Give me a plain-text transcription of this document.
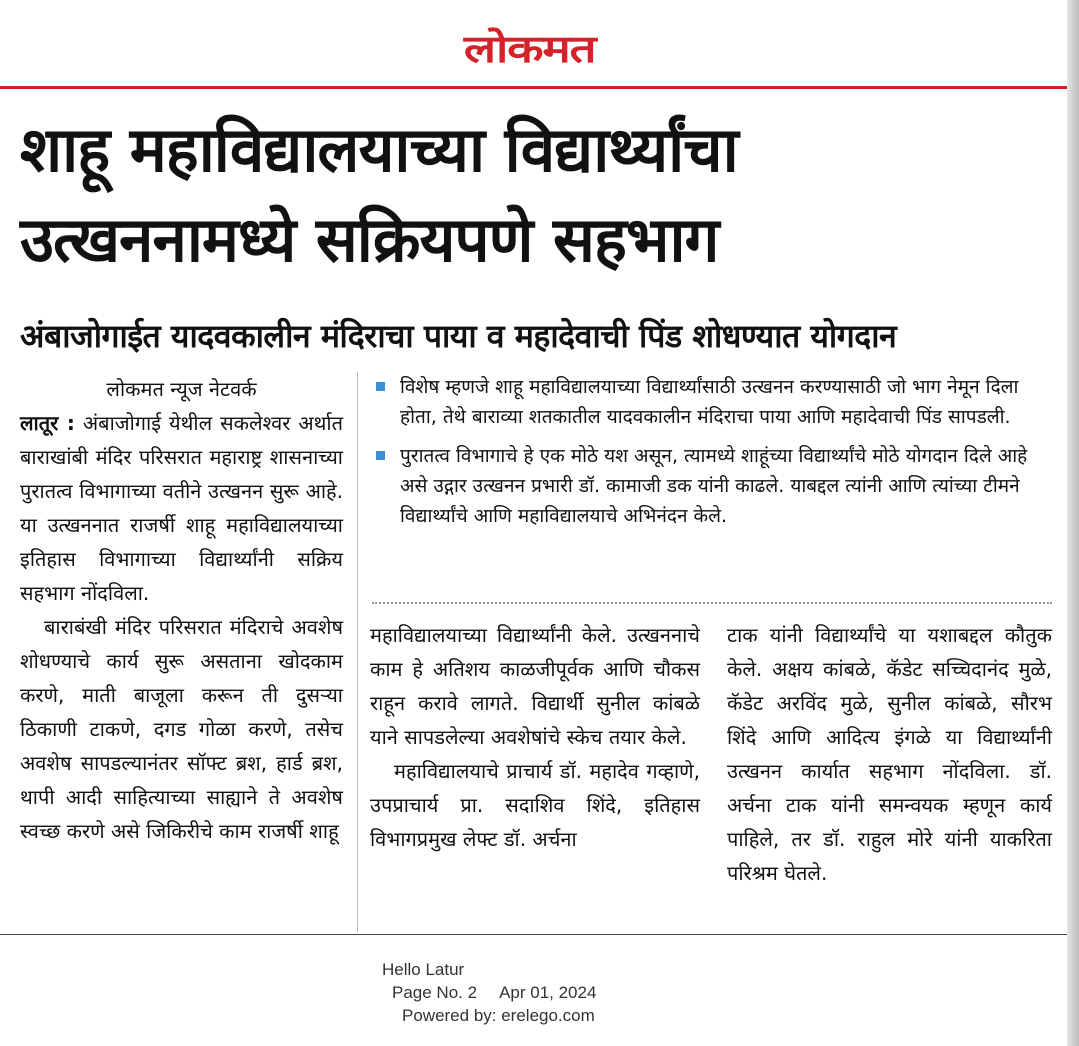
लोकमत
शाहू महाविद्यालयाच्या विद्यार्थ्यांचा
उत्खननामध्ये सक्रियपणे सहभाग
अंबाजोगाईत यादवकालीन मंदिराचा पाया व महादेवाची पिंड शोधण्यात योगदान
लोकमत न्यूज नेटवर्क

लातूर : अंबाजोगाई येथील सकलेश्वर अर्थात बाराखांबी मंदिर परिसरात महाराष्ट्र शासनाच्या पुरातत्व विभागाच्या वतीने उत्खनन सुरू आहे. या उत्खननात राजर्षी शाहू महाविद्यालयाच्या इतिहास विभागाच्या विद्यार्थ्यांनी सक्रिय सहभाग नोंदविला.

बाराबंखी मंदिर परिसरात मंदिराचे अवशेष शोधण्याचे कार्य सुरू असताना खोदकाम करणे, माती बाजूला करून ती दुसऱ्या ठिकाणी टाकणे, दगड गोळा करणे, तसेच अवशेष सापडल्यानंतर सॉफ्ट ब्रश, हार्ड ब्रश, थापी आदी साहित्याच्या साह्याने ते अवशेष स्वच्छ करणे असे जिकिरीचे काम राजर्षी शाहू

विशेष म्हणजे शाहू महाविद्यालयाच्या विद्यार्थ्यांसाठी उत्खनन करण्यासाठी जो भाग नेमून दिला होता, तेथे बाराव्या शतकातील यादवकालीन मंदिराचा पाया आणि महादेवाची पिंड सापडली.
पुरातत्व विभागाचे हे एक मोठे यश असून, त्यामध्ये शाहूंच्या विद्यार्थ्यांचे मोठे योगदान दिले आहे असे उद्गार उत्खनन प्रभारी डॉ. कामाजी डक यांनी काढले. याबद्दल त्यांनी आणि त्यांच्या टीमने विद्यार्थ्यांचे आणि महाविद्यालयाचे अभिनंदन केले.

महाविद्यालयाच्या विद्यार्थ्यांनी केले. उत्खननाचे काम हे अतिशय काळजीपूर्वक आणि चौकस राहून करावे लागते. विद्यार्थी सुनील कांबळे याने सापडलेल्या अवशेषांचे स्केच तयार केले.

महाविद्यालयाचे प्राचार्य डॉ. महादेव गव्हाणे, उपप्राचार्य प्रा. सदाशिव शिंदे, इतिहास विभागप्रमुख लेफ्ट डॉ. अर्चना

टाक यांनी विद्यार्थ्यांचे या यशाबद्दल कौतुक केले. अक्षय कांबळे, कॅडेट सच्चिदानंद मुळे, कॅडेट अरविंद मुळे, सुनील कांबळे, सौरभ शिंदे आणि आदित्य इंगळे या विद्यार्थ्यांनी उत्खनन कार्यात सहभाग नोंदविला. डॉ. अर्चना टाक यांनी समन्वयक म्हणून कार्य पाहिले, तर डॉ. राहुल मोरे यांनी याकरिता परिश्रम घेतले.

Hello Latur
Page No. 2 Apr 01, 2024
Powered by: erelego.com
